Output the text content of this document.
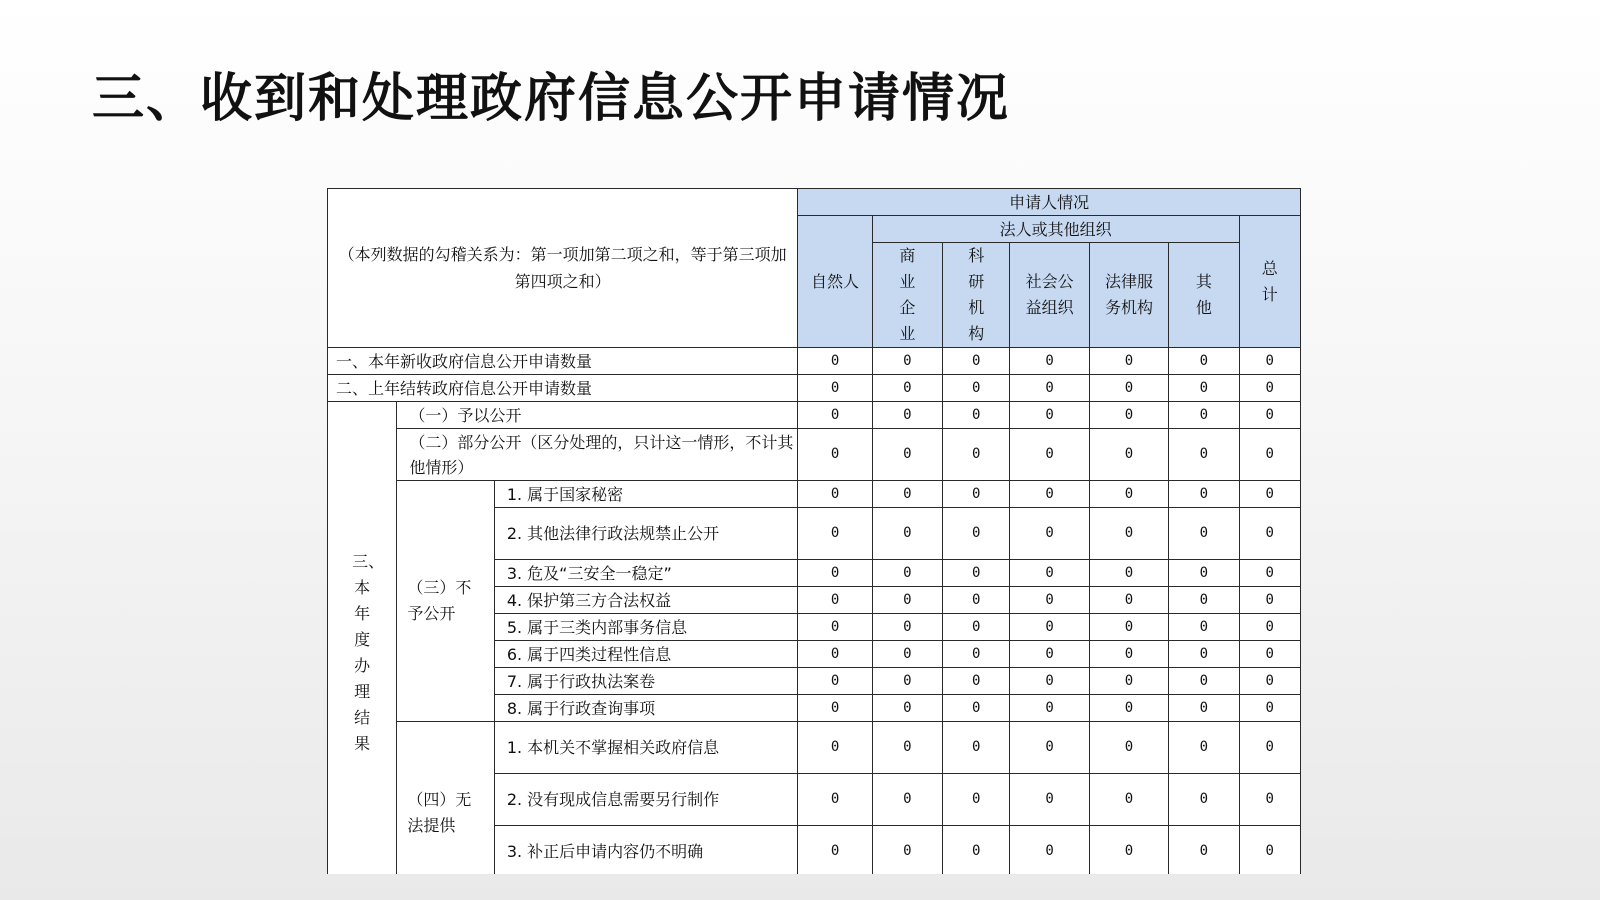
三、收到和处理政府信息公开申请情况
（本列数据的勾稽关系为：第一项加第二项之和，等于第三项加第四项之和）			申请人情况						
			自然人	法人或其他组织					总计
				商业企业	科研机构	社会公益组织	法律服务机构	其他	
一、本年新收政府信息公开申请数量			0	0	0	0	0	0	0
二、上年结转政府信息公开申请数量			0	0	0	0	0	0	0
三、本年度办理结果	（一）予以公开		0	0	0	0	0	0	0
	（二）部分公开（区分处理的，只计这一情形，不计其他情形）		0	0	0	0	0	0	0
	（三）不予公开	1. 属于国家秘密	0	0	0	0	0	0	0
		2. 其他法律行政法规禁止公开	0	0	0	0	0	0	0
		3. 危及“三安全一稳定”	0	0	0	0	0	0	0
		4. 保护第三方合法权益	0	0	0	0	0	0	0
		5. 属于三类内部事务信息	0	0	0	0	0	0	0
		6. 属于四类过程性信息	0	0	0	0	0	0	0
		7. 属于行政执法案卷	0	0	0	0	0	0	0
		8. 属于行政查询事项	0	0	0	0	0	0	0
	（四）无法提供	1. 本机关不掌握相关政府信息	0	0	0	0	0	0	0
		2. 没有现成信息需要另行制作	0	0	0	0	0	0	0
		3. 补正后申请内容仍不明确	0	0	0	0	0	0	0
